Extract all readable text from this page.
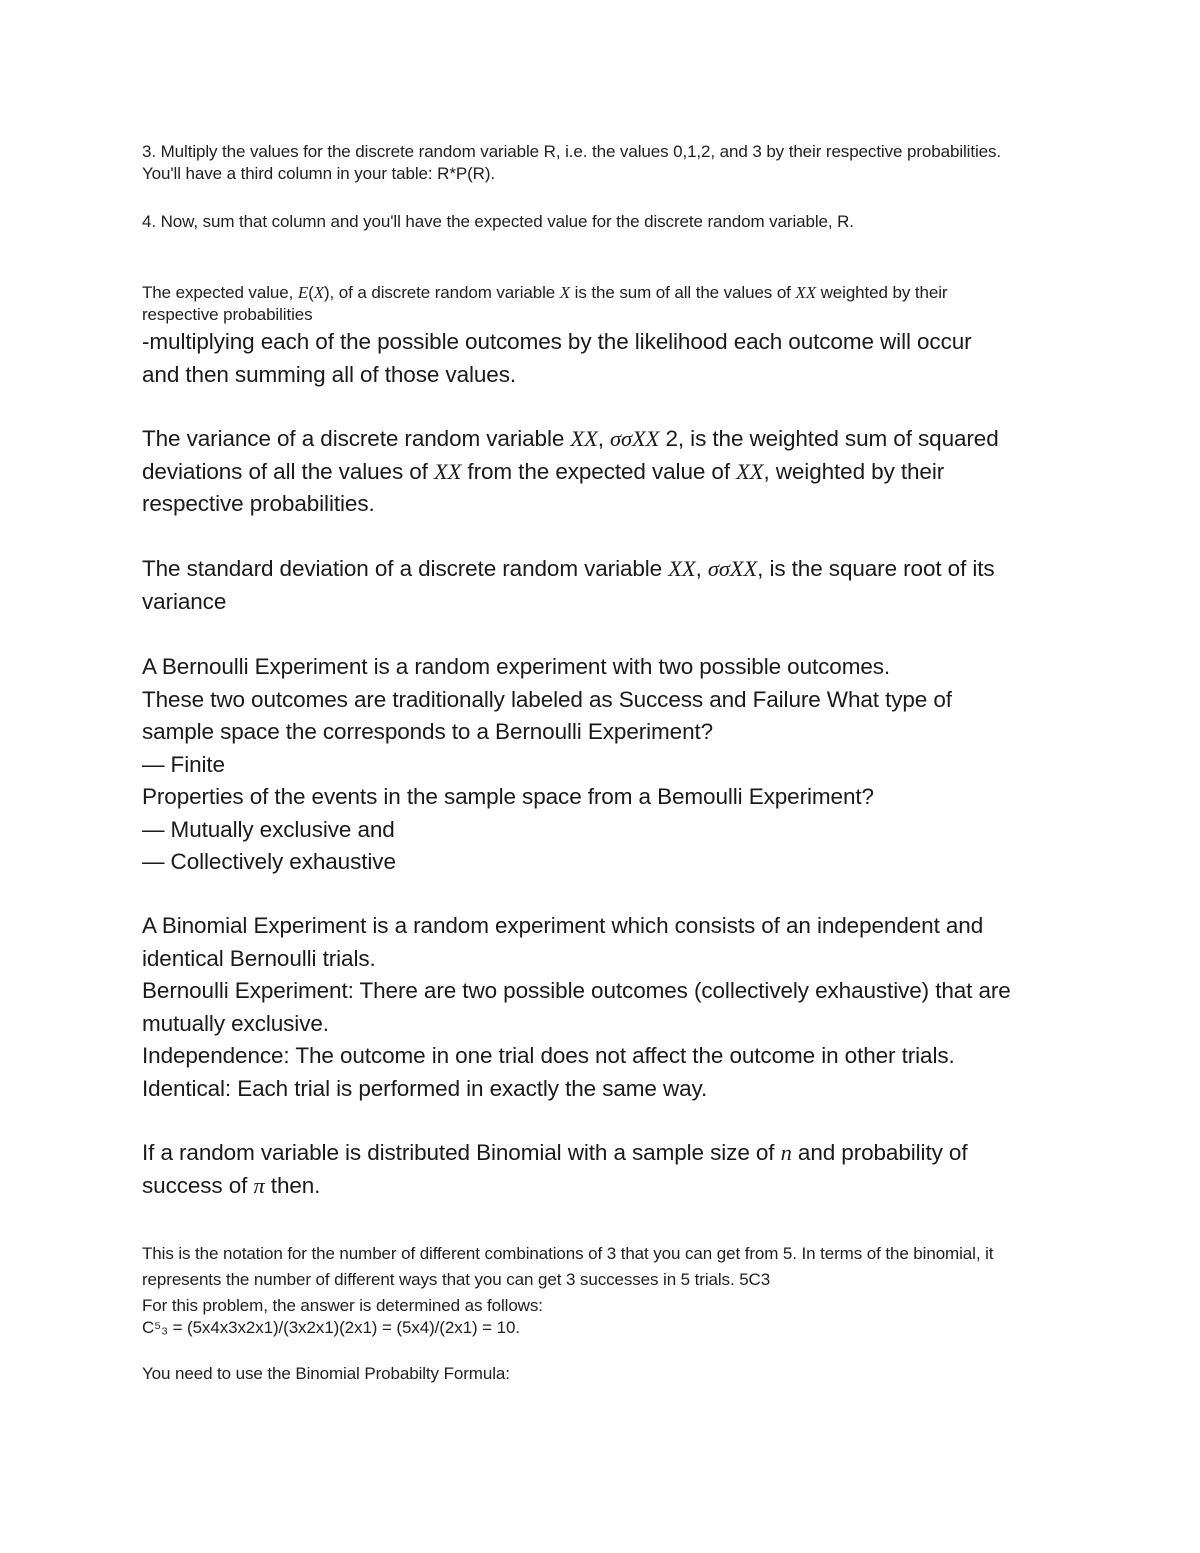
3. Multiply the values for the discrete random variable R, i.e. the values 0,1,2, and 3 by their respective probabilities.

You'll have a third column in your table: R*P(R).

4. Now, sum that column and you'll have the expected value for the discrete random variable, R.

The expected value, E(X), of a discrete random variable X is the sum of all the values of XX weighted by their

respective probabilities

-multiplying each of the possible outcomes by the likelihood each outcome will occur

and then summing all of those values.

The variance of a discrete random variable XX, σσXX 2, is the weighted sum of squared

deviations of all the values of XX from the expected value of XX, weighted by their

respective probabilities.

The standard deviation of a discrete random variable XX, σσXX, is the square root of its

variance

A Bernoulli Experiment is a random experiment with two possible outcomes.

These two outcomes are traditionally labeled as Success and Failure What type of

sample space the corresponds to a Bernoulli Experiment?

— Finite

Properties of the events in the sample space from a Bemoulli Experiment?

— Mutually exclusive and

— Collectively exhaustive

A Binomial Experiment is a random experiment which consists of an independent and

identical Bernoulli trials.

Bernoulli Experiment: There are two possible outcomes (collectively exhaustive) that are

mutually exclusive.

Independence: The outcome in one trial does not affect the outcome in other trials.

Identical: Each trial is performed in exactly the same way.

If a random variable is distributed Binomial with a sample size of n and probability of

success of π then.

This is the notation for the number of different combinations of 3 that you can get from 5. In terms of the binomial, it

represents the number of different ways that you can get 3 successes in 5 trials. 5C3

For this problem, the answer is determined as follows:

C⁵₃ = (5x4x3x2x1)/(3x2x1)(2x1) = (5x4)/(2x1) = 10.

You need to use the Binomial Probabilty Formula:
